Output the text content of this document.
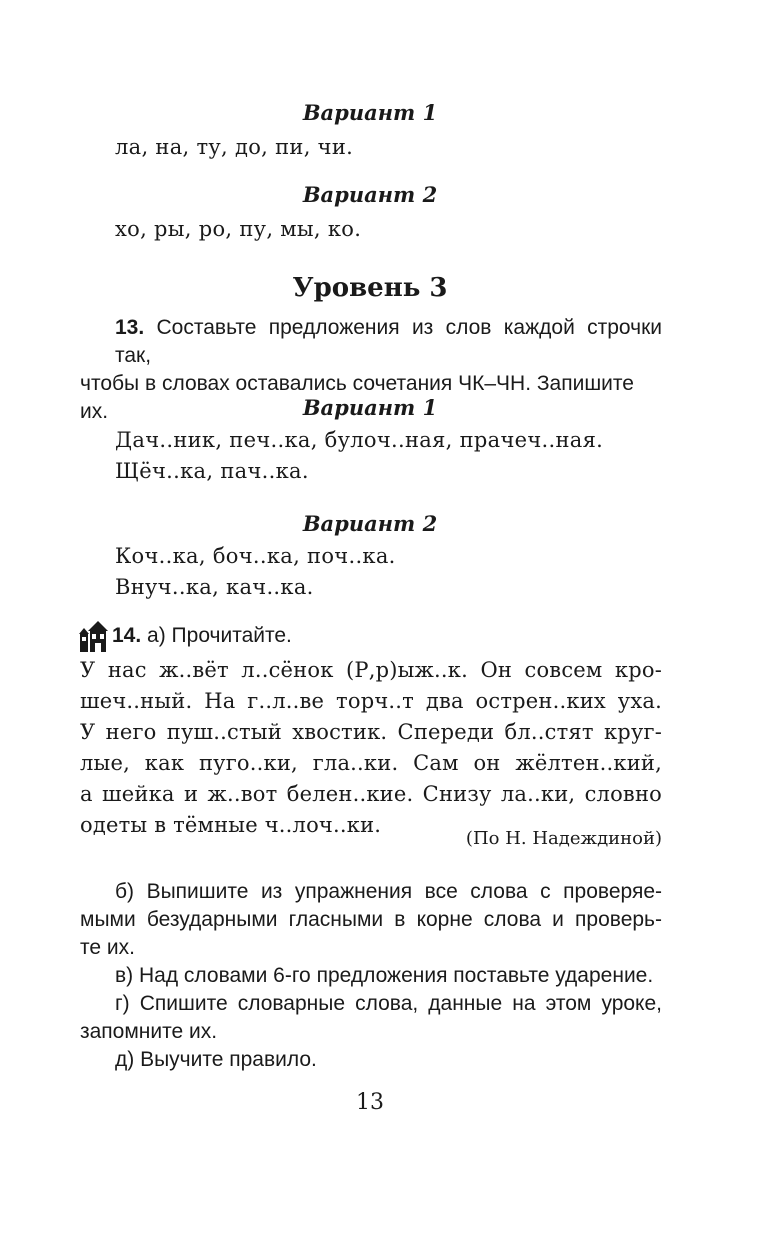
Вариант 1

ла, на, ту, до, пи, чи.

Вариант 2

хо, ры, ро, пу, мы, ко.

Уровень 3

13. Составьте предложения из слов каждой строчки так,
чтобы в словах оставались сочетания ЧК–ЧН. Запишите их.	Вариант 1

Дач..ник, печ..ка, булоч..ная, прачеч..ная.

Щёч..ка, пач..ка.

Вариант 2

Коч..ка, боч..ка, поч..ка.

Внуч..ка, кач..ка.

14. а) Прочитайте.

У нас ж..вёт л..сёнок (Р,р)ыж..к. Он совсем кро-
шеч..ный. На г..л..ве торч..т два острен..ких уха.
У него пуш..стый хвостик. Спереди бл..стят круг-
лые, как пуго..ки, гла..ки. Сам он жёлтен..кий,
а шейка и ж..вот белен..кие. Снизу ла..ки, словно
одеты в тёмные ч..лоч..ки.

(По Н. Надеждиной)

б) Выпишите из упражнения все слова с проверяе-
мыми безударными гласными в корне слова и проверь-
те их.

в) Над словами 6-го предложения поставьте ударение.

г) Спишите словарные слова, данные на этом уроке,
запомните их.

д) Выучите правило.

13
